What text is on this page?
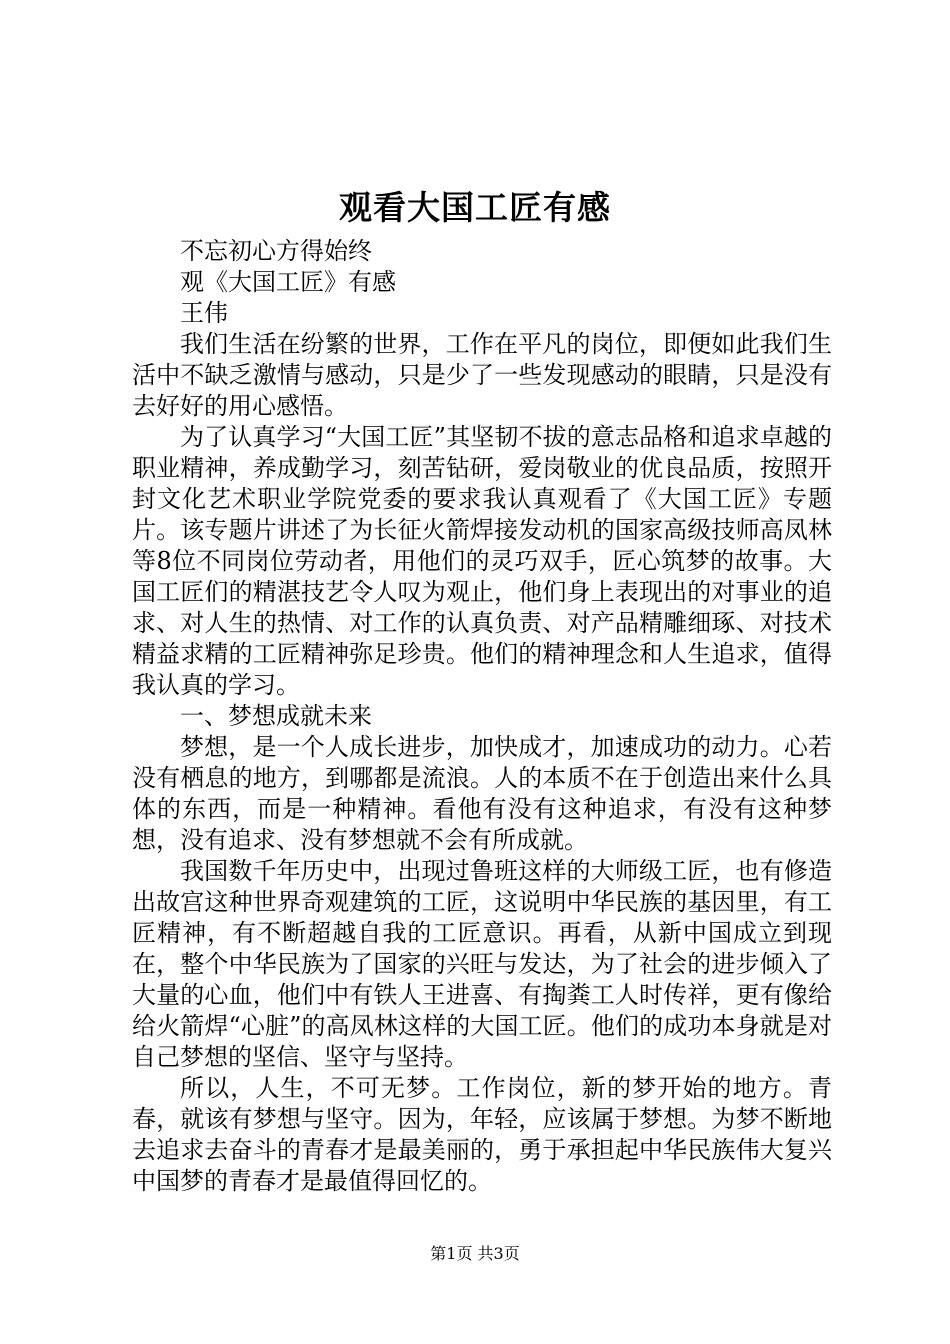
观看大国工匠有感

不忘初心方得始终

观《大国工匠》有感

王伟

我们生活在纷繁的世界，工作在平凡的岗位，即便如此我们生活中不缺乏激情与感动，只是少了一些发现感动的眼睛，只是没有去好好的用心感悟。

为了认真学习“大国工匠”其坚韧不拔的意志品格和追求卓越的职业精神，养成勤学习，刻苦钻研，爱岗敬业的优良品质，按照开封文化艺术职业学院党委的要求我认真观看了《大国工匠》专题片。该专题片讲述了为长征火箭焊接发动机的国家高级技师高凤林等8位不同岗位劳动者，用他们的灵巧双手，匠心筑梦的故事。大国工匠们的精湛技艺令人叹为观止，他们身上表现出的对事业的追求、对人生的热情、对工作的认真负责、对产品精雕细琢、对技术精益求精的工匠精神弥足珍贵。他们的精神理念和人生追求，值得我认真的学习。

一、梦想成就未来

梦想，是一个人成长进步，加快成才，加速成功的动力。心若没有栖息的地方，到哪都是流浪。人的本质不在于创造出来什么具体的东西，而是一种精神。看他有没有这种追求，有没有这种梦想，没有追求、没有梦想就不会有所成就。

我国数千年历史中，出现过鲁班这样的大师级工匠，也有修造出故宫这种世界奇观建筑的工匠，这说明中华民族的基因里，有工匠精神，有不断超越自我的工匠意识。再看，从新中国成立到现在，整个中华民族为了国家的兴旺与发达，为了社会的进步倾入了大量的心血，他们中有铁人王进喜、有掏粪工人时传祥，更有像给给火箭焊“心脏”的高凤林这样的大国工匠。他们的成功本身就是对自己梦想的坚信、坚守与坚持。

所以，人生，不可无梦。工作岗位，新的梦开始的地方。青春，就该有梦想与坚守。因为，年轻，应该属于梦想。为梦不断地去追求去奋斗的青春才是最美丽的，勇于承担起中华民族伟大复兴中国梦的青春才是最值得回忆的。

第1页 共3页
